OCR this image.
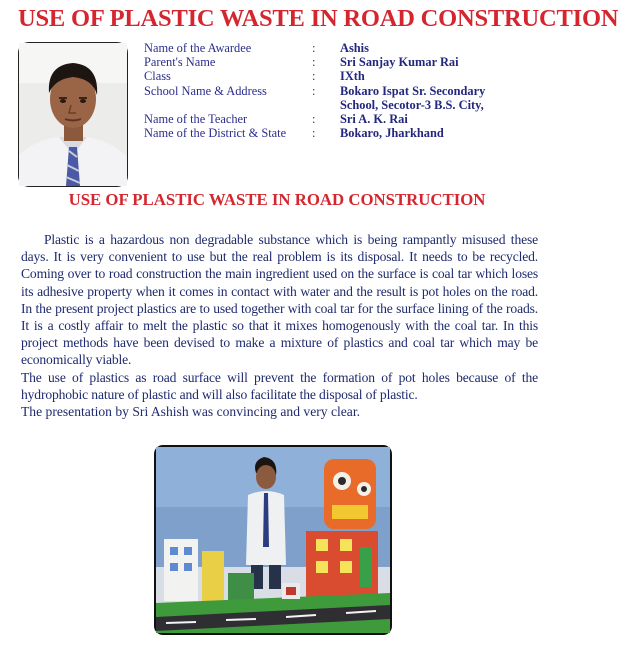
USE OF PLASTIC WASTE IN ROAD CONSTRUCTION
Name of the Awardee	:	Ashis
Parent's Name	:	Sri Sanjay Kumar Rai
Class	:	IXth
School Name & Address	:	Bokaro Ispat Sr. Secondary
		School, Secotor-3 B.S. City,
Name of the Teacher	:	Sri A. K. Rai
Name of the District & State	:	Bokaro, Jharkhand
USE OF PLASTIC WASTE IN ROAD CONSTRUCTION

Plastic is a hazardous non degradable substance which is being rampantly misused these days. It is very convenient to use but the real problem is its disposal. It needs to be recycled. Coming over to road construction the main ingredient used on the surface is coal tar which loses its adhesive property when it comes in contact with water and the result is pot holes on the road. In the present project plastics are to used together with coal tar for the surface lining of the roads. It is a costly affair to melt the plastic so that it mixes homogenously with the coal tar. In this project methods have been devised to make a mixture of plastics and coal tar which may be economically viable.

The use of plastics as road surface will prevent the formation of pot holes because of the hydrophobic nature of plastic and will also facilitate the disposal of plastic.

The presentation by Sri Ashish was convincing and very clear.
